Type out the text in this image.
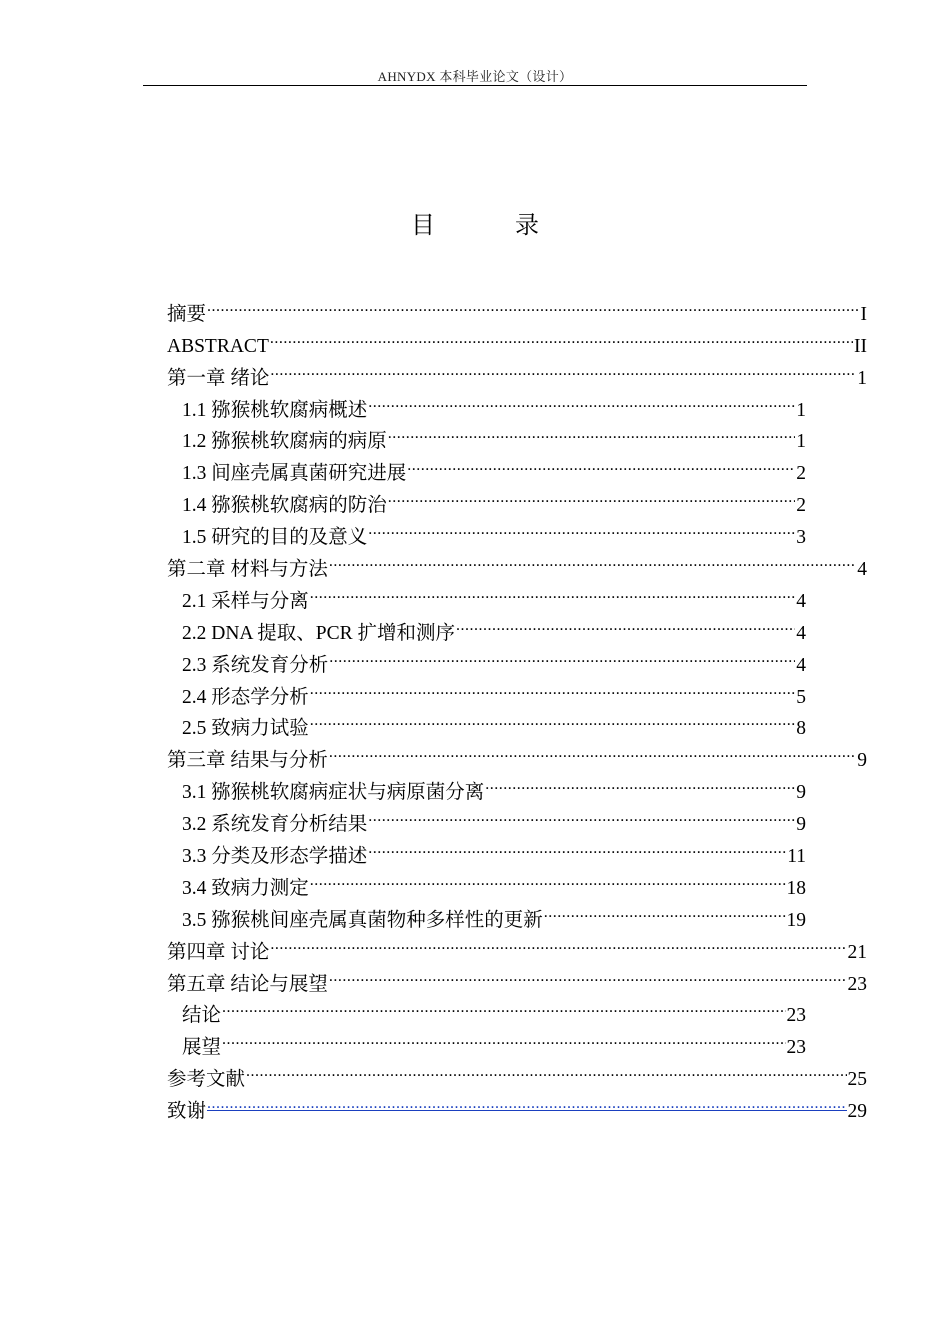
AHNYDX 本科毕业论文（设计）
目　录
摘要 .....	I
ABSTRACT .....	II
第一章 绪论 .....	1
1.1 猕猴桃软腐病概述 .....	1
1.2 猕猴桃软腐病的病原 .....	1
1.3 间座壳属真菌研究进展 .....	2
1.4 猕猴桃软腐病的防治 .....	2
1.5 研究的目的及意义 .....	3
第二章 材料与方法 .....	4
2.1 采样与分离 .....	4
2.2 DNA 提取、PCR 扩增和测序 .....	4
2.3 系统发育分析 .....	4
2.4 形态学分析 .....	5
2.5 致病力试验 .....	8
第三章 结果与分析 .....	9
3.1 猕猴桃软腐病症状与病原菌分离 .....	9
3.2 系统发育分析结果 .....	9
3.3 分类及形态学描述 .....	11
3.4 致病力测定 .....	18
3.5 猕猴桃间座壳属真菌物种多样性的更新 .....	19
第四章 讨论 .....	21
第五章 结论与展望 .....	23
结论 .....	23
展望 .....	23
参考文献 .....	25
致谢 .....	29
